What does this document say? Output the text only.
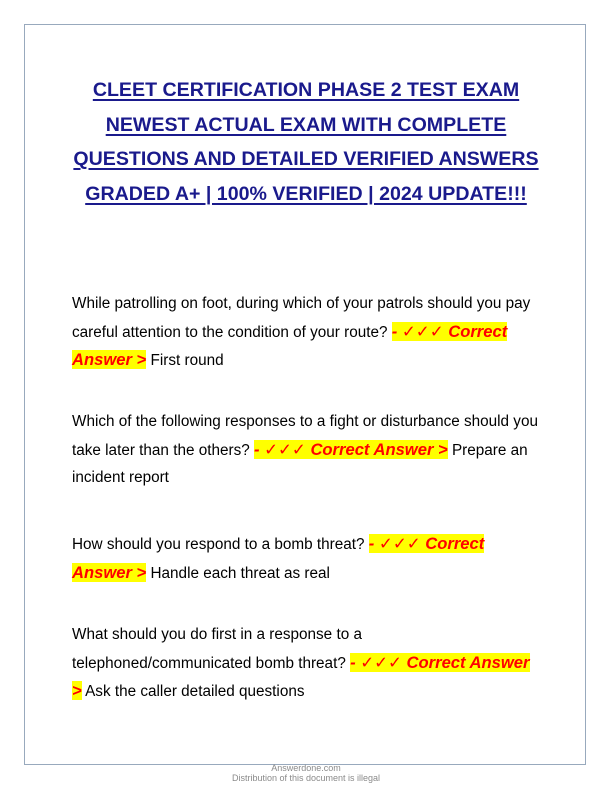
CLEET CERTIFICATION PHASE 2 TEST EXAM NEWEST ACTUAL EXAM WITH COMPLETE QUESTIONS AND DETAILED VERIFIED ANSWERS GRADED A+ | 100% VERIFIED | 2024 UPDATE!!!

While patrolling on foot, during which of your patrols should you pay careful attention to the condition of your route? - ✓✓✓ Correct Answer > First round

Which of the following responses to a fight or disturbance should you take later than the others? - ✓✓✓ Correct Answer > Prepare an incident report

How should you respond to a bomb threat? - ✓✓✓ Correct Answer > Handle each threat as real

What should you do first in a response to a telephoned/communicated bomb threat? - ✓✓✓ Correct Answer > Ask the caller detailed questions

Answerdone.com
Distribution of this document is illegal
